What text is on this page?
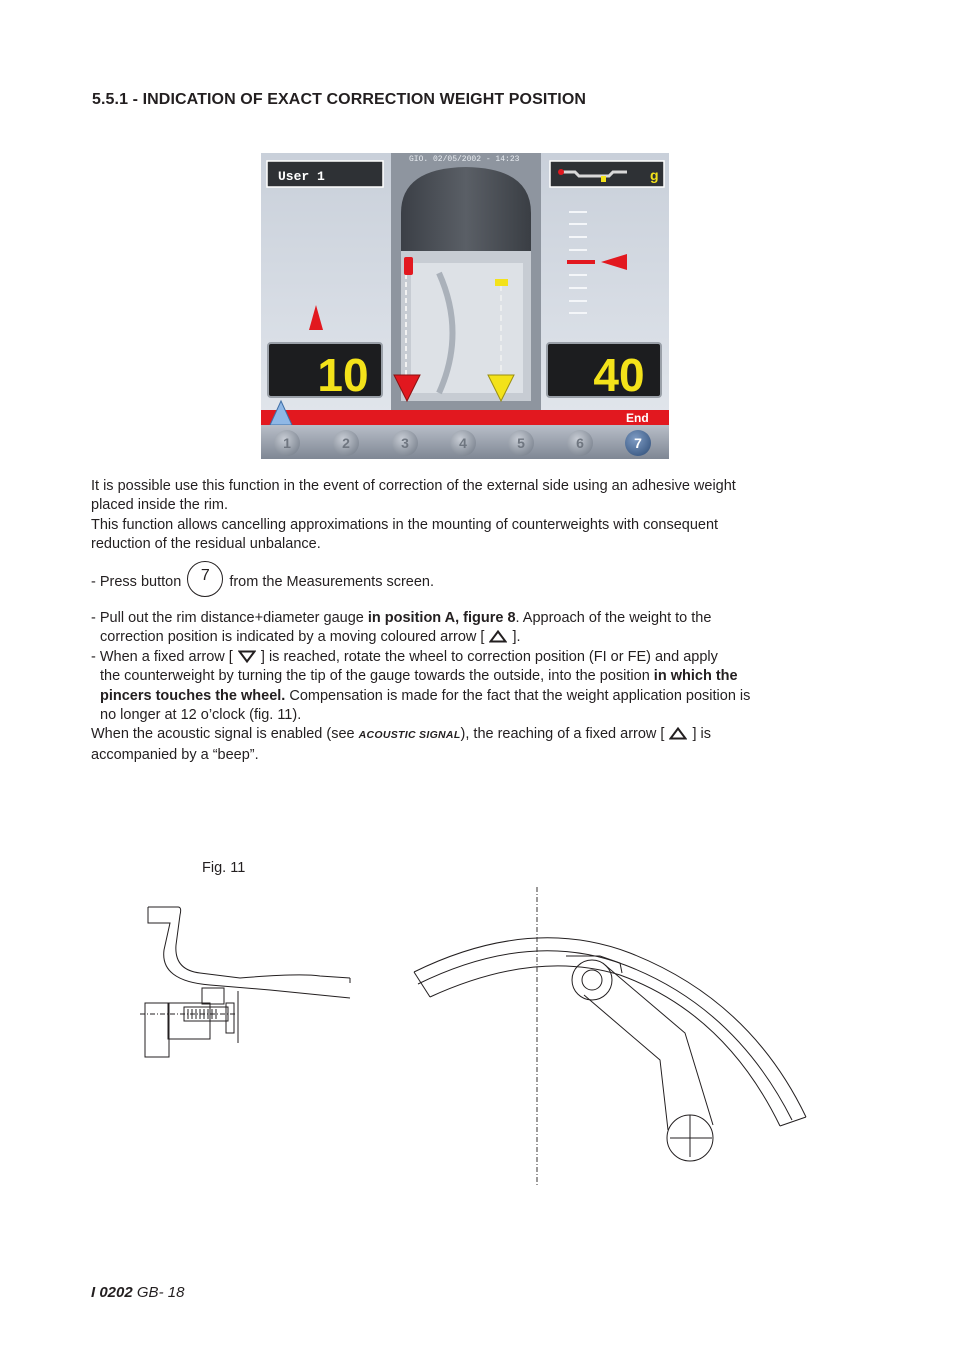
5.5.1 - INDICATION OF EXACT CORRECTION WEIGHT POSITION
User 1
GIO. 02/05/2002 - 14:23
g
10	40
End
1	2	3	4	5	6	7
It is possible use this function in the event of correction of the external side using an adhesive weight
placed inside the rim.
This function allows cancelling approximations in the mounting of counterweights with consequent
reduction of the residual unbalance.
- Press button 7 from the Measurements screen.
- Pull out the rim distance+diameter gauge in position A, figure 8. Approach of the weight to the
correction position is indicated by a moving coloured arrow [ ].
- When a fixed arrow [ ] is reached, rotate the wheel to correction position (FI or FE) and apply
the counterweight by turning the tip of the gauge towards the outside, into the position in which the
pincers touches the wheel. Compensation is made for the fact that the weight application position is
no longer at 12 o’clock (fig. 11).
When the acoustic signal is enabled (see ACOUSTIC SIGNAL), the reaching of a fixed arrow [ ] is
accompanied by a “beep”.
Fig. 11
I 0202 GB- 18
